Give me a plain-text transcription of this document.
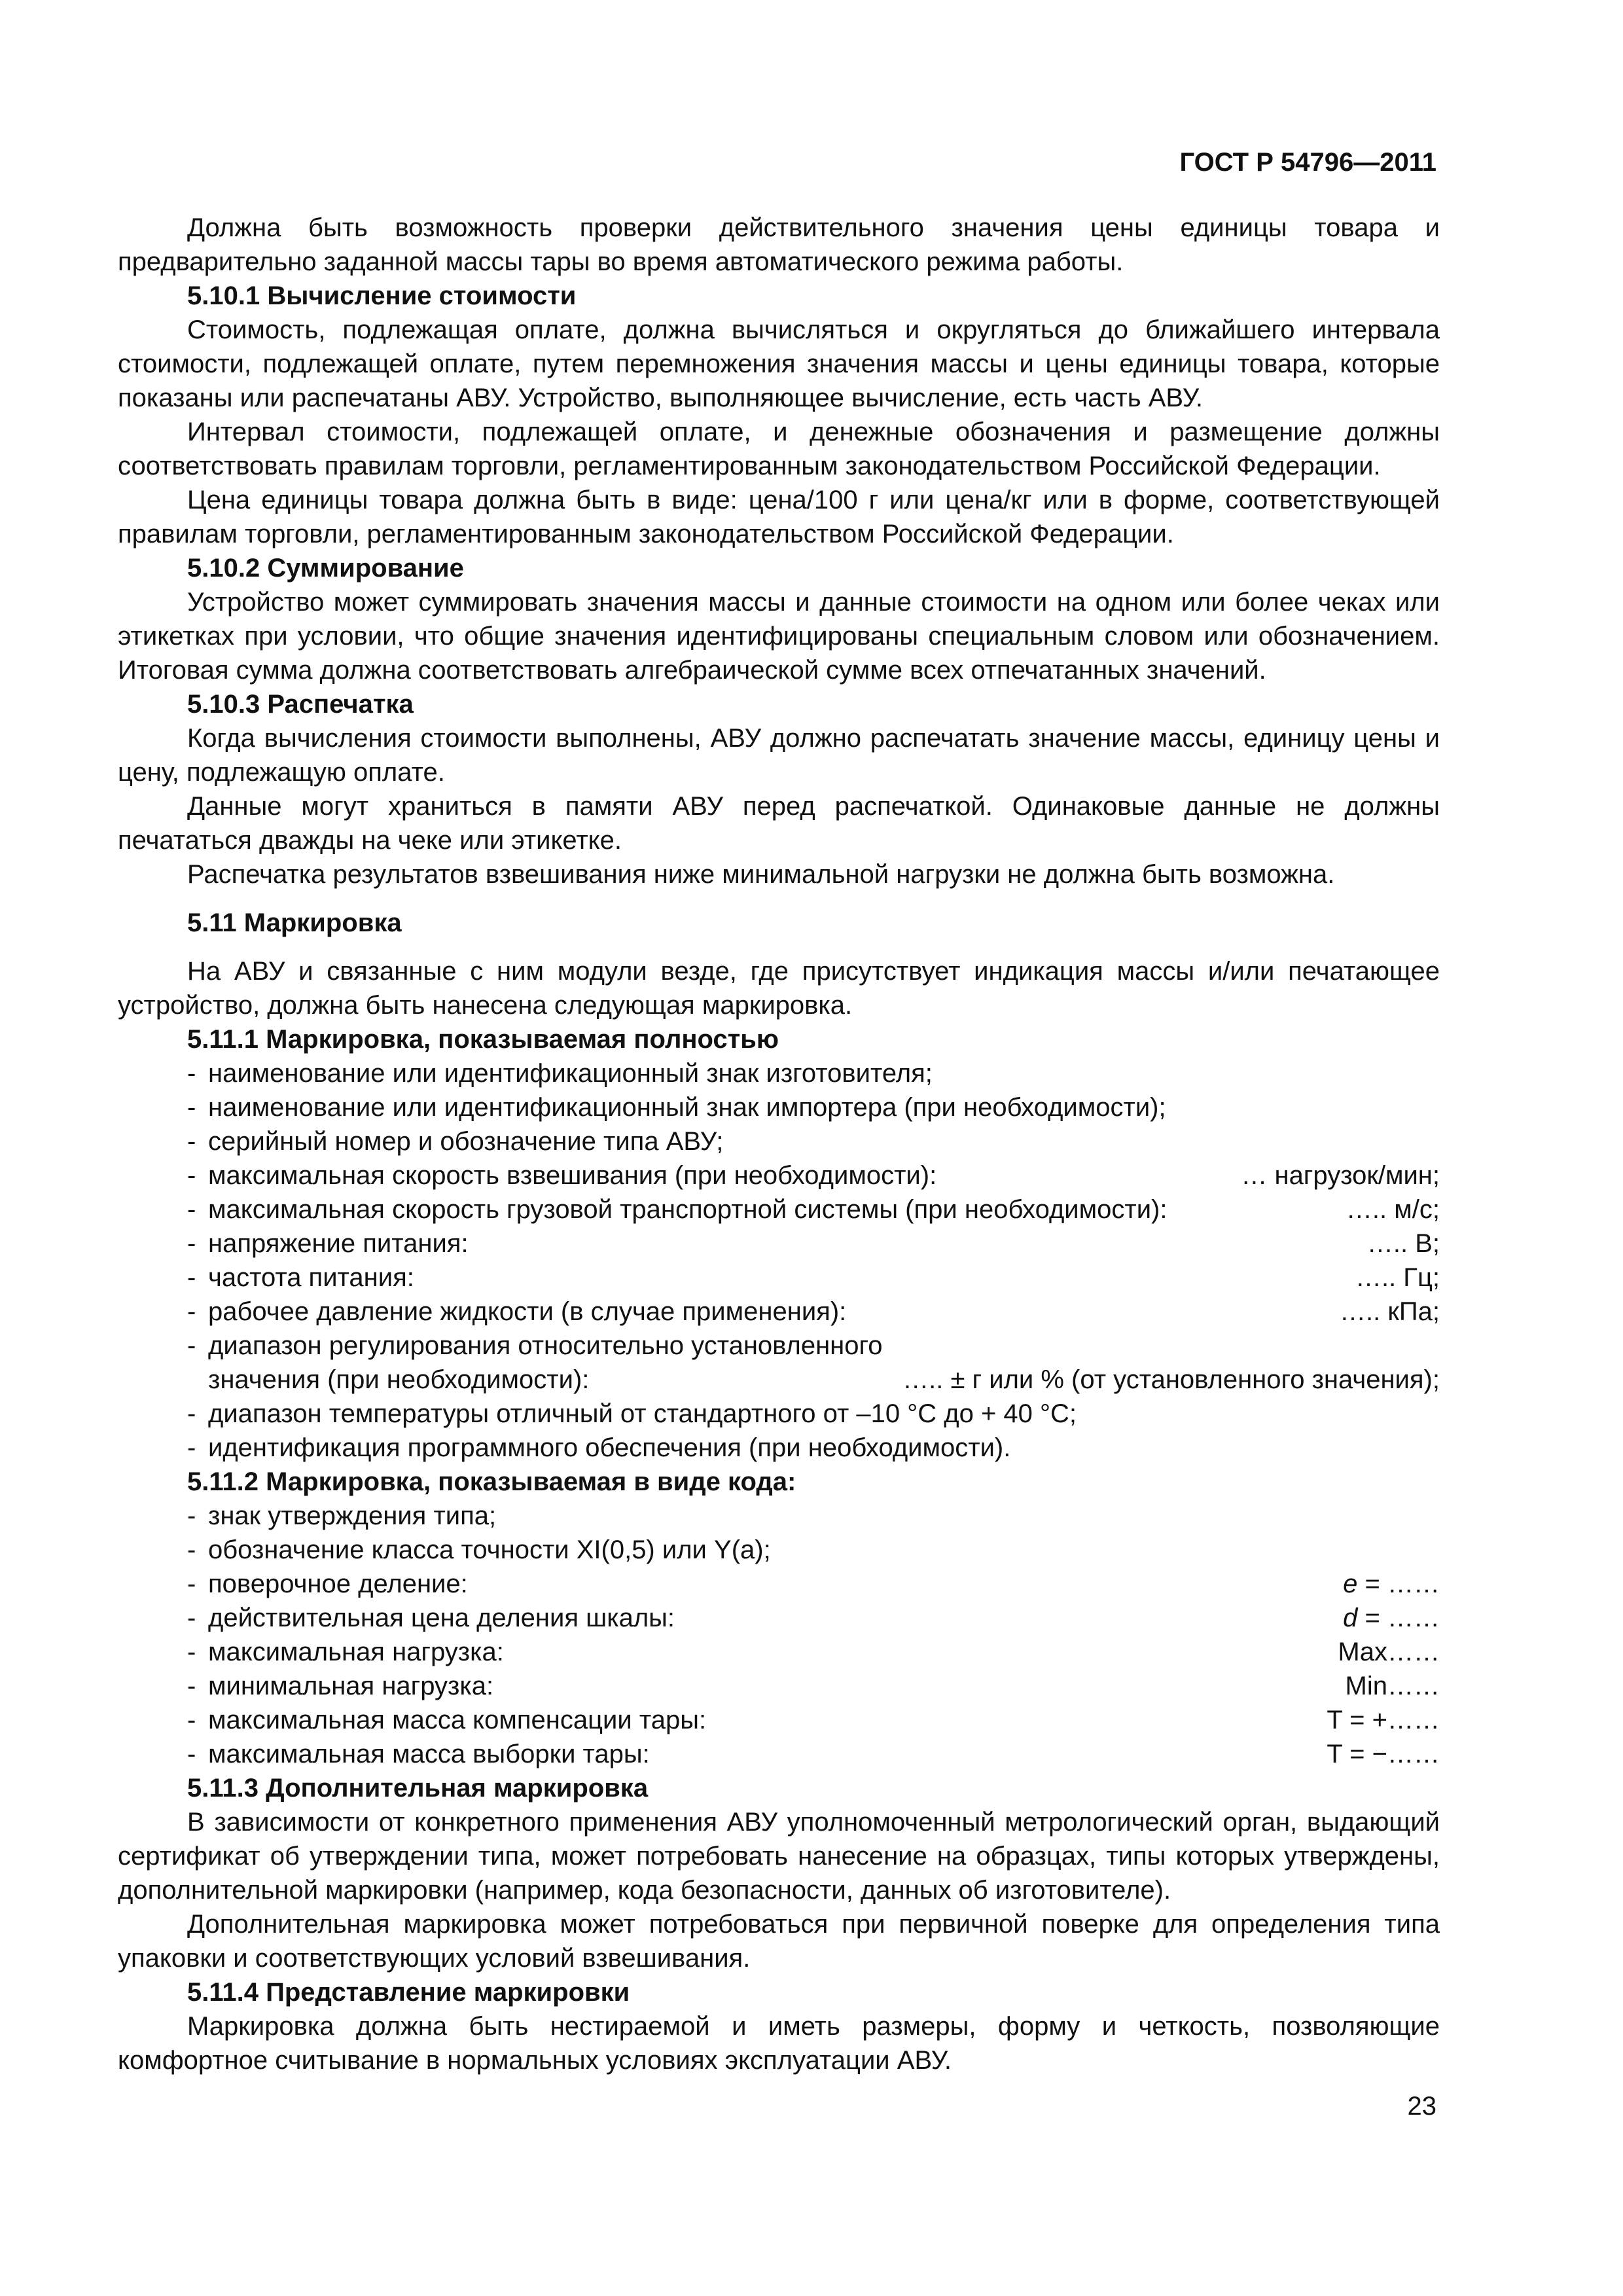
ГОСТ Р 54796—2011

Должна быть возможность проверки действительного значения цены единицы товара и предварительно заданной массы тары во время автоматического режима работы.

5.10.1 Вычисление стоимости

Стоимость, подлежащая оплате, должна вычисляться и округляться до ближайшего интервала стоимости, подлежащей оплате, путем перемножения значения массы и цены единицы товара, которые показаны или распечатаны АВУ. Устройство, выполняющее вычисление, есть часть АВУ.

Интервал стоимости, подлежащей оплате, и денежные обозначения и размещение должны соответствовать правилам торговли, регламентированным законодательством Российской Федерации.

Цена единицы товара должна быть в виде: цена/100 г или цена/кг или в форме, соответствующей правилам торговли, регламентированным законодательством Российской Федерации.

5.10.2 Суммирование

Устройство может суммировать значения массы и данные стоимости на одном или более чеках или этикетках при условии, что общие значения идентифицированы специальным словом или обозначением. Итоговая сумма должна соответствовать алгебраической сумме всех отпечатанных значений.

5.10.3 Распечатка

Когда вычисления стоимости выполнены, АВУ должно распечатать значение массы, единицу цены и цену, подлежащую оплате.

Данные могут храниться в памяти АВУ перед распечаткой. Одинаковые данные не должны печататься дважды на чеке или этикетке.

Распечатка результатов взвешивания ниже минимальной нагрузки не должна быть возможна.

5.11 Маркировка

На АВУ и связанные с ним модули везде, где присутствует индикация массы и/или печатающее устройство, должна быть нанесена следующая маркировка.

5.11.1 Маркировка, показываемая полностью
- наименование или идентификационный знак изготовителя;
- наименование или идентификационный знак импортера (при необходимости);
- серийный номер и обозначение типа АВУ;
- максимальная скорость взвешивания (при необходимости):	… нагрузок/мин;
- максимальная скорость грузовой транспортной системы (при необходимости):	….. м/с;
- напряжение питания:	….. В;
- частота питания:	….. Гц;
- рабочее давление жидкости (в случае применения):	….. кПа;
- диапазон регулирования относительно установленного
значения (при необходимости):	….. ± г или % (от установленного значения);
- диапазон температуры отличный от стандартного от –10 °С до + 40 °С;
- идентификация программного обеспечения (при необходимости).
5.11.2 Маркировка, показываемая в виде кода:
- знак утверждения типа;
- обозначение класса точности XI(0,5) или Y(a);
- поверочное деление:	e = ……
- действительная цена деления шкалы:	d = ……
- максимальная нагрузка:	Max……
- минимальная нагрузка:	Min……
- максимальная масса компенсации тары:	T = +……
- максимальная масса выборки тары:	T = −……
5.11.3 Дополнительная маркировка

В зависимости от конкретного применения АВУ уполномоченный метрологический орган, выдающий сертификат об утверждении типа, может потребовать нанесение на образцах, типы которых утверждены, дополнительной маркировки (например, кода безопасности, данных об изготовителе).

Дополнительная маркировка может потребоваться при первичной поверке для определения типа упаковки и соответствующих условий взвешивания.

5.11.4 Представление маркировки

Маркировка должна быть нестираемой и иметь размеры, форму и четкость, позволяющие комфортное считывание в нормальных условиях эксплуатации АВУ.

23
